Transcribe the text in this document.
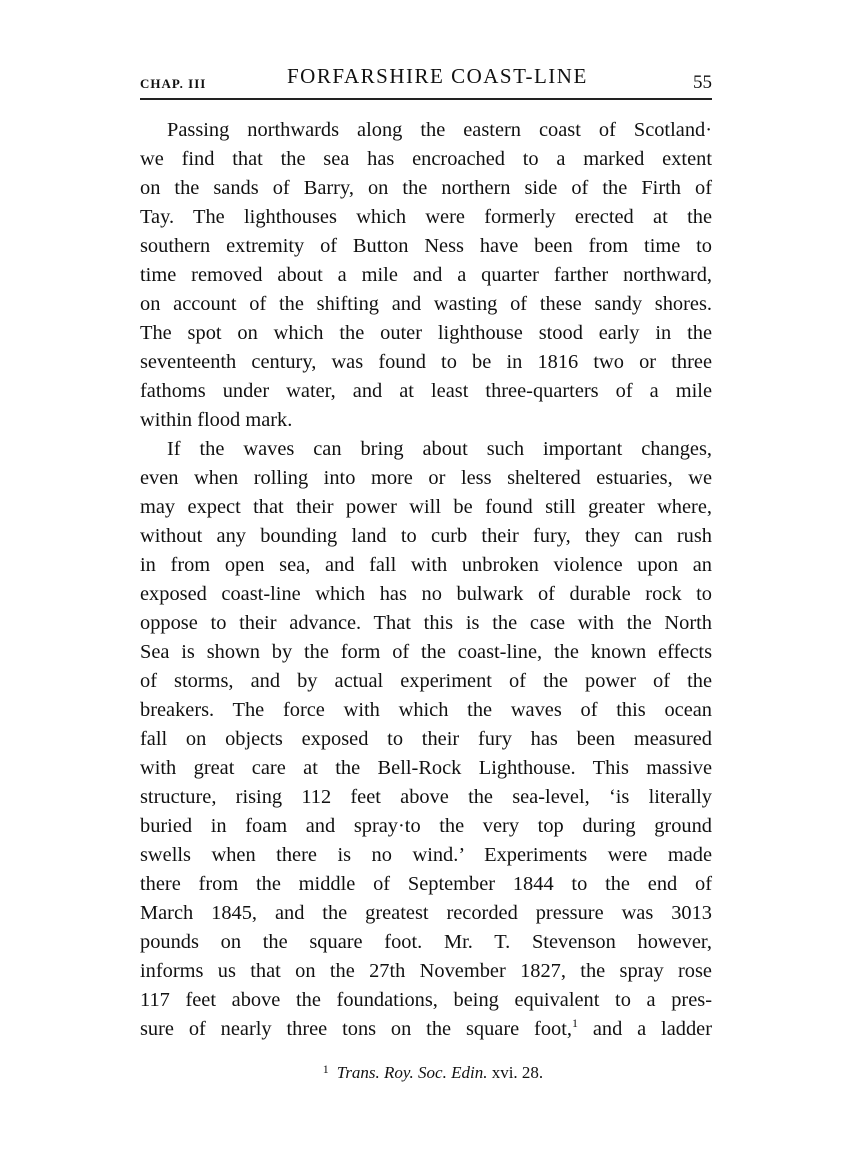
CHAP. III	FORFARSHIRE COAST-LINE	55
Passing northwards along the eastern coast of Scotland·
we find that the sea has encroached to a marked extent
on the sands of Barry, on the northern side of the Firth of
Tay. The lighthouses which were formerly erected at the
southern extremity of Button Ness have been from time to
time removed about a mile and a quarter farther northward,
on account of the shifting and wasting of these sandy shores.
The spot on which the outer lighthouse stood early in the
seventeenth century, was found to be in 1816 two or three
fathoms under water, and at least three-quarters of a mile
within flood mark.
If the waves can bring about such important changes,
even when rolling into more or less sheltered estuaries, we
may expect that their power will be found still greater where,
without any bounding land to curb their fury, they can rush
in from open sea, and fall with unbroken violence upon an
exposed coast-line which has no bulwark of durable rock to
oppose to their advance. That this is the case with the North
Sea is shown by the form of the coast-line, the known effects
of storms, and by actual experiment of the power of the
breakers. The force with which the waves of this ocean
fall on objects exposed to their fury has been measured
with great care at the Bell-Rock Lighthouse. This massive
structure, rising 112 feet above the sea-level, ‘is literally
buried in foam and spray·to the very top during ground
swells when there is no wind.’ Experiments were made
there from the middle of September 1844 to the end of
March 1845, and the greatest recorded pressure was 3013
pounds on the square foot. Mr. T. Stevenson however,
informs us that on the 27th November 1827, the spray rose
117 feet above the foundations, being equivalent to a pres-
sure of nearly three tons on the square foot,$^1$ and a ladder
$^1$ Trans. Roy. Soc. Edin. xvi. 28.
